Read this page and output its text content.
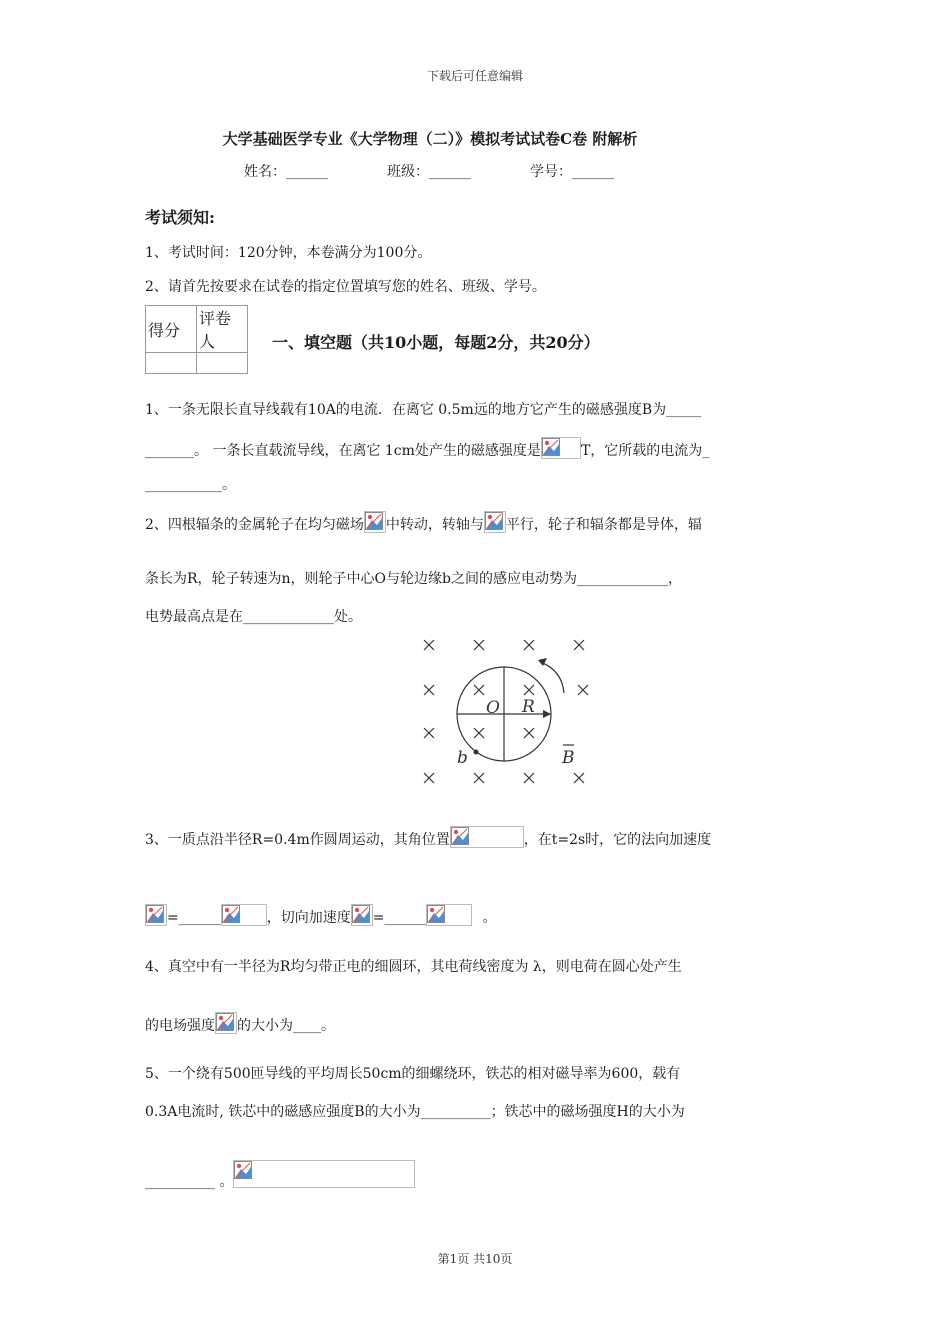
下载后可任意编辑
大学基础医学专业《大学物理（二）》模拟考试试卷C卷 附解析
姓名：______	班级：______	学号：______
考试须知:
1、考试时间：120分钟，本卷满分为100分。
2、请首先按要求在试卷的指定位置填写您的姓名、班级、学号。
得分	评卷人
		一、填空题（共10小题，每题2分，共20分）
1、一条无限长直导线载有10A的电流．在离它 0.5m远的地方它产生的磁感强度B为_____
_______。 一条长直载流导线，在离它 1cm处产生的磁感强度是	T，它所载的电流为_
___________。
2、四根辐条的金属轮子在均匀磁场 中转动，转轴与 平行，轮子和辐条都是导体，辐
条长为R，轮子转速为n，则轮子中心O与轮边缘b之间的感应电动势为_____________，
电势最高点是在_____________处。
O R
b	B
3、一质点沿半径R=0.4m作圆周运动，其角位置	，在t=2s时，它的法向加速度
=______	，切向加速度 =______	。
4、真空中有一半径为R均匀带正电的细圆环，其电荷线密度为 λ，则电荷在圆心处产生
的电场强度 的大小为____。
5、一个绕有500匝导线的平均周长50cm的细螺绕环，铁芯的相对磁导率为600，载有
0.3A电流时, 铁芯中的磁感应强度B的大小为__________；铁芯中的磁场强度H的大小为
__________ 。
第1页 共10页
